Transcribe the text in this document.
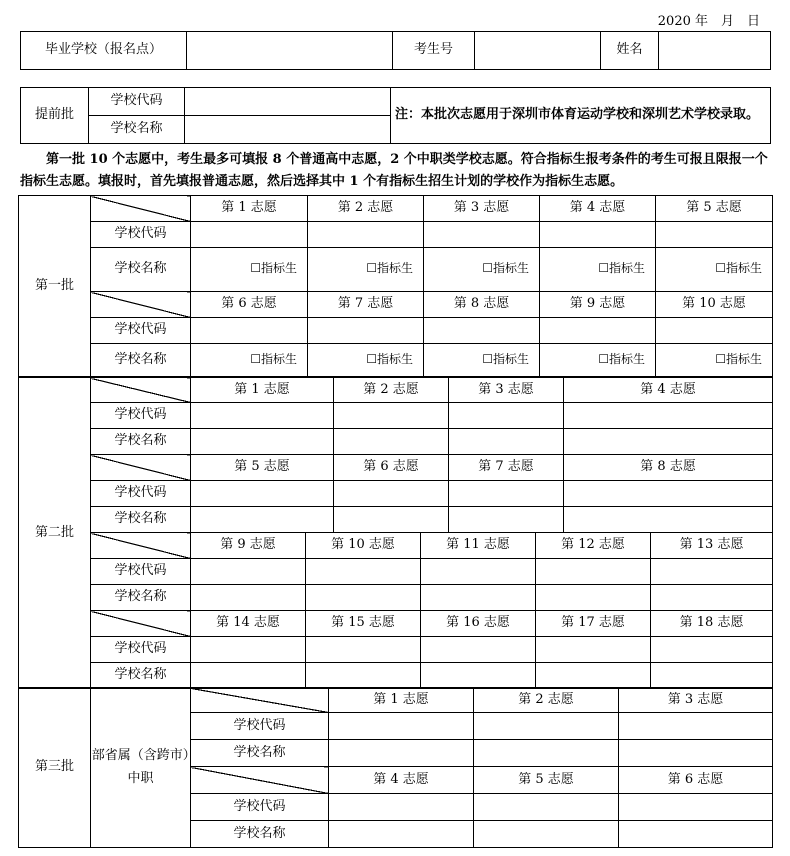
2020 年　月　日
毕业学校（报名点）		考生号		姓名	
提前批	学校代码		注：本批次志愿用于深圳市体育运动学校和深圳艺术学校录取。
	学校名称		
第一批 10 个志愿中，考生最多可填报 8 个普通高中志愿，2 个中职类学校志愿。符合指标生报考条件的考生可报且限报一个指标生志愿。填报时，首先填报普通志愿，然后选择其中 1 个有指标生招生计划的学校作为指标生志愿。
第一批		第 1 志愿	第 2 志愿	第 3 志愿	第 4 志愿	第 5 志愿
	学校代码					
	学校名称	☐指标生	☐指标生	☐指标生	☐指标生	☐指标生
		第 6 志愿	第 7 志愿	第 8 志愿	第 9 志愿	第 10 志愿
	学校代码					
	学校名称	☐指标生	☐指标生	☐指标生	☐指标生	☐指标生
第二批		第 1 志愿		第 2 志愿		第 3 志愿		第 4 志愿	
	学校代码								
	学校名称								
		第 5 志愿		第 6 志愿		第 7 志愿		第 8 志愿	
	学校代码								
	学校名称								
		第 9 志愿	第 10 志愿		第 11 志愿		第 12 志愿		第 13 志愿
	学校代码								
	学校名称								
		第 14 志愿	第 15 志愿		第 16 志愿		第 17 志愿		第 18 志愿
	学校代码								
	学校名称								
第三批	部省属（含跨市）中职		第 1 志愿	第 2 志愿	第 3 志愿
		学校代码			
		学校名称			
			第 4 志愿	第 5 志愿	第 6 志愿
		学校代码			
		学校名称			
